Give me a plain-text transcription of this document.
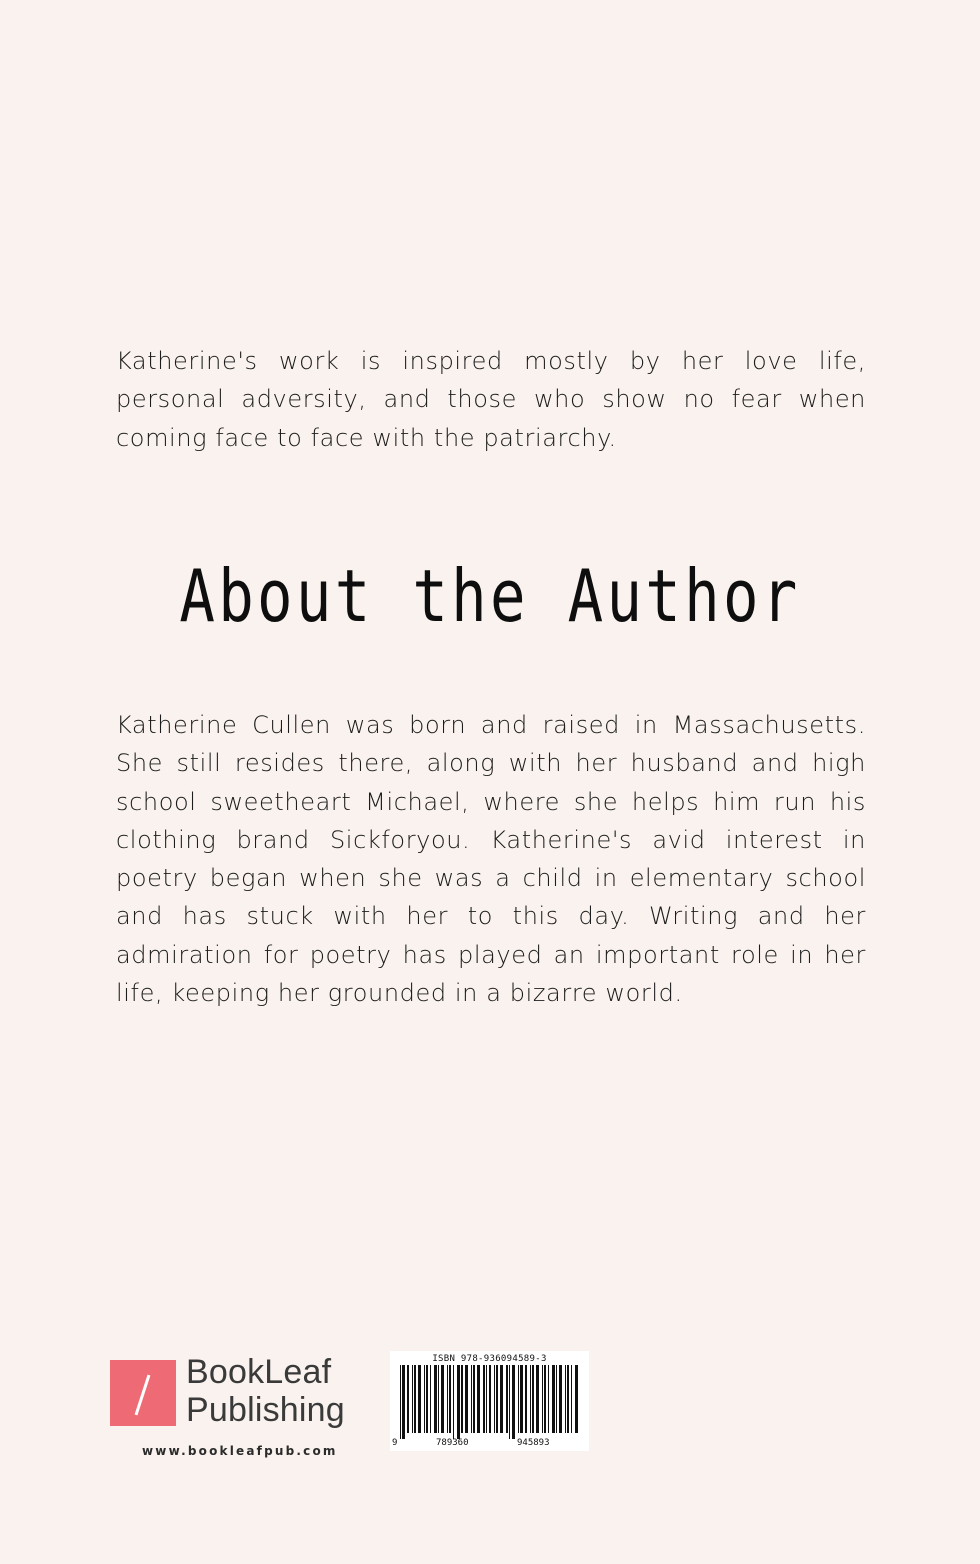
Katherine's work is inspired mostly by her love life, personal adversity, and those who show no fear when coming face to face with the patriarchy.

About the Author

Katherine Cullen was born and raised in Massachusetts. She still resides there, along with her husband and high school sweetheart Michael, where she helps him run his clothing brand Sickforyou. Katherine's avid interest in poetry began when she was a child in elementary school and has stuck with her to this day. Writing and her admiration for poetry has played an important role in her life, keeping her grounded in a bizarre world.

BookLeaf
Publishing
www.bookleafpub.com
ISBN 978-936094589-3
9	789360	945893
